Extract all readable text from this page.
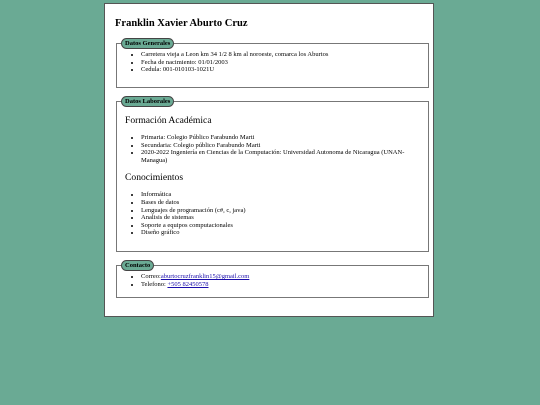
Franklin Xavier Aburto Cruz
Datos Generales
• Carretera vieja a Leon km 34 1/2 8 km al noroeste, comarca los Aburtos
• Fecha de nacimiento: 01/01/2003
• Cedula: 001-010103-1021U
Datos Laborales
Formación Académica
• Primaria: Colegio Público Farabundo Marti
• Secundaria: Colegio público Farabundo Marti
• 2020-2022 Ingeniería en Ciencias de la Computación: Universidad Autonoma de Nicaragua (UNAN-Managua)
Conocimientos
• Informática
• Bases de datos
• Lenguajes de programación (c#, c, java)
• Analisis de sistemas
• Soporte a equipos computacionales
• Diseño gráfico
Contacto
• Correo:aburtocruzfranklin15@gmail.com
• Telefono: +505 82450578
